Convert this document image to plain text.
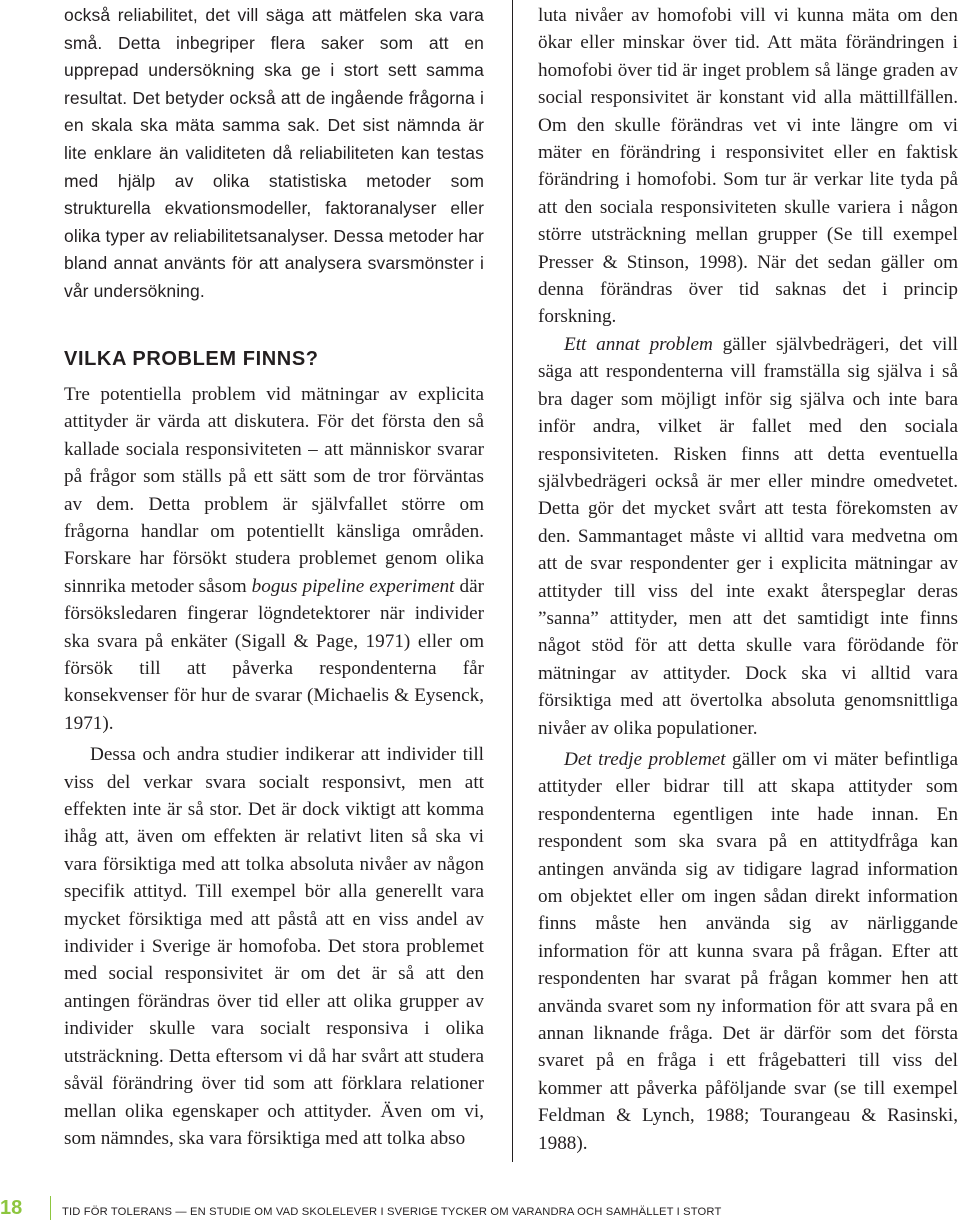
också reliabilitet, det vill säga att mätfelen ska vara små. Detta inbegriper flera saker som att en upprepad undersökning ska ge i stort sett samma resultat. Det betyder också att de ingående frågorna i en skala ska mäta samma sak. Det sist nämnda är lite enklare än validiteten då reliabiliteten kan testas med hjälp av olika statistiska metoder som strukturella ekvationsmodeller, faktoranalyser eller olika typer av reliabilitetsanalyser. Dessa metoder har bland annat använts för att analysera svarsmönster i vår undersökning.

VILKA PROBLEM FINNS?

Tre potentiella problem vid mätningar av explicita attityder är värda att diskutera. För det första den så kallade sociala responsiviteten – att människor svarar på frågor som ställs på ett sätt som de tror förväntas av dem. Detta problem är självfallet större om frågorna handlar om potentiellt känsliga områden. Forskare har försökt studera problemet genom olika sinnrika metoder såsom bogus pipeline experiment där försöksledaren fingerar lögndetektorer när individer ska svara på enkäter (Sigall & Page, 1971) eller om försök till att påverka respondenterna får konsekvenser för hur de svarar (Michaelis & Eysenck, 1971).

Dessa och andra studier indikerar att individer till viss del verkar svara socialt responsivt, men att effekten inte är så stor. Det är dock viktigt att komma ihåg att, även om effekten är relativt liten så ska vi vara försiktiga med att tolka absoluta nivåer av någon specifik attityd. Till exempel bör alla generellt vara mycket försiktiga med att påstå att en viss andel av individer i Sverige är homofoba. Det stora problemet med social responsivitet är om det är så att den antingen förändras över tid eller att olika grupper av individer skulle vara socialt responsiva i olika utsträckning. Detta eftersom vi då har svårt att studera såväl förändring över tid som att förklara relationer mellan olika egenskaper och attityder. Även om vi, som nämndes, ska vara försiktiga med att tolka abso

luta nivåer av homofobi vill vi kunna mäta om den ökar eller minskar över tid. Att mäta förändringen i homofobi över tid är inget problem så länge graden av social responsivitet är konstant vid alla mättillfällen. Om den skulle förändras vet vi inte längre om vi mäter en förändring i responsivitet eller en faktisk förändring i homofobi. Som tur är verkar lite tyda på att den sociala responsiviteten skulle variera i någon större utsträckning mellan grupper (Se till exempel Presser & Stinson, 1998). När det sedan gäller om denna förändras över tid saknas det i princip forskning.

Ett annat problem gäller självbedrägeri, det vill säga att respondenterna vill framställa sig själva i så bra dager som möjligt inför sig själva och inte bara inför andra, vilket är fallet med den sociala responsiviteten. Risken finns att detta eventuella självbedrägeri också är mer eller mindre omedvetet. Detta gör det mycket svårt att testa förekomsten av den. Sammantaget måste vi alltid vara medvetna om att de svar respondenter ger i explicita mätningar av attityder till viss del inte exakt återspeglar deras ”sanna” attityder, men att det samtidigt inte finns något stöd för att detta skulle vara förödande för mätningar av attityder. Dock ska vi alltid vara försiktiga med att övertolka absoluta genomsnittliga nivåer av olika populationer.

Det tredje problemet gäller om vi mäter befintliga attityder eller bidrar till att skapa attityder som respondenterna egentligen inte hade innan. En respondent som ska svara på en attitydfråga kan antingen använda sig av tidigare lagrad information om objektet eller om ingen sådan direkt information finns måste hen använda sig av närliggande information för att kunna svara på frågan. Efter att respondenten har svarat på frågan kommer hen att använda svaret som ny information för att svara på en annan liknande fråga. Det är därför som det första svaret på en fråga i ett frågebatteri till viss del kommer att påverka påföljande svar (se till exempel Feldman & Lynch, 1988; Tourangeau & Rasinski, 1988).

18	TID FÖR TOLERANS — EN STUDIE OM VAD SKOLELEVER I SVERIGE TYCKER OM VARANDRA OCH SAMHÄLLET I STORT
